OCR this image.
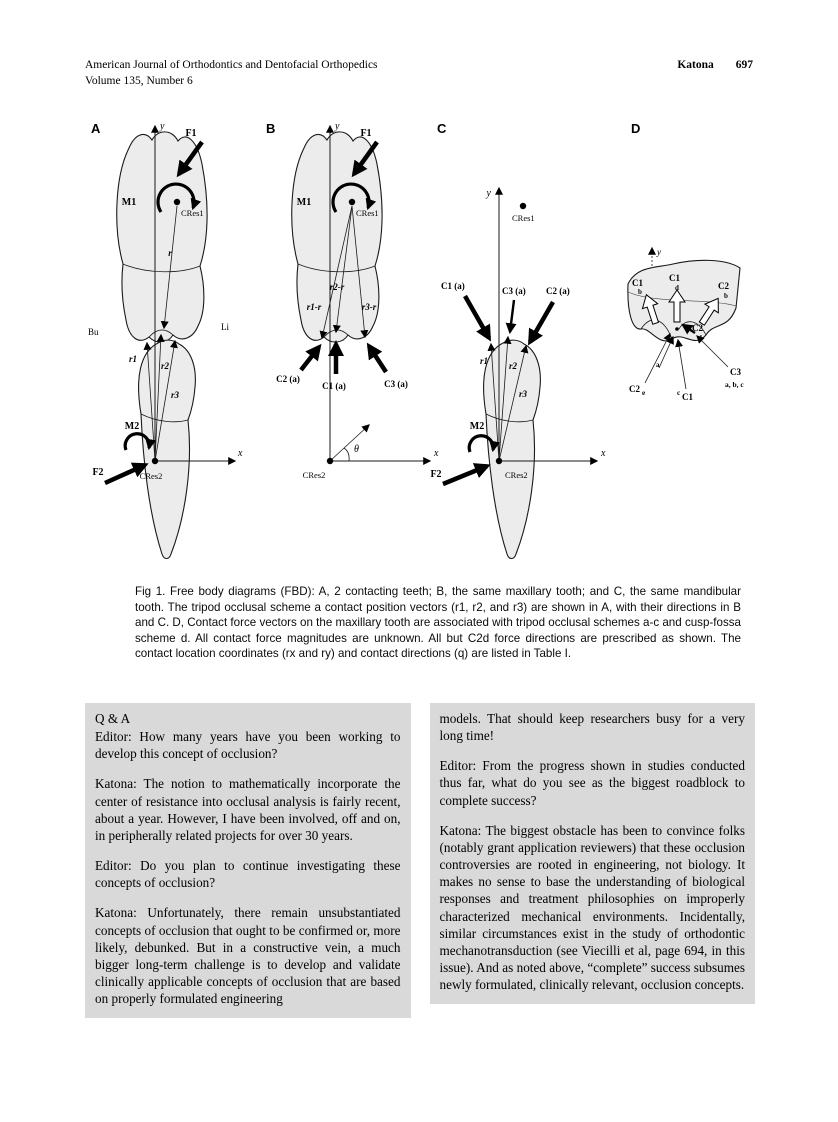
American Journal of Orthodontics and Dentofacial Orthopedics
Volume 135, Number 6
Katona 697
A	y
x
F1
M1
CRes1
r
Bu	Li
r1
r2
r3
M2
F2	CRes2
B	y
x
F1
M1
CRes1
r2-r
r1-r	r3-r
C2 (a)
C1 (a)	C3 (a)
θ
CRes2
C
y
x
CRes1
C1 (a)	C3 (a) C2 (a)
r1 r2
r3
M2
F2	CRes2
D
y
C1
b
C1
d	C2
b
C2
d
C3
a, b, c
C2 e	C1
c
a
Fig 1. Free body diagrams (FBD): A, 2 contacting teeth; B, the same maxillary tooth; and C, the same mandibular tooth. The tripod occlusal scheme a contact position vectors (r1, r2, and r3) are shown in A, with their directions in B and C. D, Contact force vectors on the maxillary tooth are associated with tripod occlusal schemes a-c and cusp-fossa scheme d. All contact force magnitudes are unknown. All but C2d force directions are prescribed as shown. The contact location coordinates (rx and ry) and contact directions (q) are listed in Table I.
Q & A

Editor: How many years have you been working to develop this concept of occlusion?

Katona: The notion to mathematically incorporate the center of resistance into occlusal analysis is fairly recent, about a year. However, I have been involved, off and on, in peripherally related projects for over 30 years.

Editor: Do you plan to continue investigating these concepts of occlusion?

Katona: Unfortunately, there remain unsubstantiated concepts of occlusion that ought to be confirmed or, more likely, debunked. But in a constructive vein, a much bigger long-term challenge is to develop and validate clinically applicable concepts of occlusion that are based on properly formulated engineering

models. That should keep researchers busy for a very long time!

Editor: From the progress shown in studies conducted thus far, what do you see as the biggest roadblock to complete success?

Katona: The biggest obstacle has been to convince folks (notably grant application reviewers) that these occlusion controversies are rooted in engineering, not biology. It makes no sense to base the understanding of biological responses and treatment philosophies on improperly characterized mechanical environments. Incidentally, similar circumstances exist in the study of orthodontic mechanotransduction (see Viecilli et al, page 694, in this issue). And as noted above, “complete” success subsumes newly formulated, clinically relevant, occlusion concepts.
